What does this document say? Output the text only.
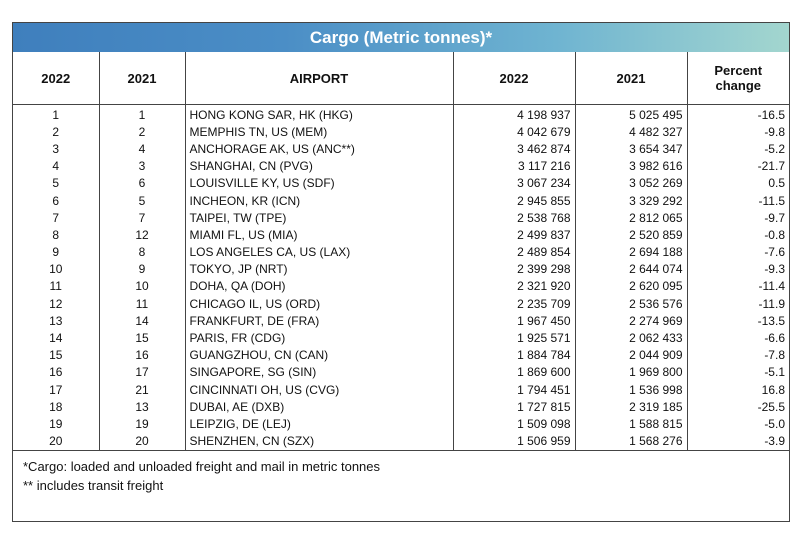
Cargo (Metric tonnes)*
2022	2021	AIRPORT	2022	2021	Percent change
1	1	HONG KONG SAR, HK (HKG)	4 198 937	5 025 495	-16.5
2	2	MEMPHIS TN, US (MEM)	4 042 679	4 482 327	-9.8
3	4	ANCHORAGE AK, US (ANC**)	3 462 874	3 654 347	-5.2
4	3	SHANGHAI, CN (PVG)	3 117 216	3 982 616	-21.7
5	6	LOUISVILLE KY, US (SDF)	3 067 234	3 052 269	0.5
6	5	INCHEON, KR (ICN)	2 945 855	3 329 292	-11.5
7	7	TAIPEI, TW (TPE)	2 538 768	2 812 065	-9.7
8	12	MIAMI FL, US (MIA)	2 499 837	2 520 859	-0.8
9	8	LOS ANGELES CA, US (LAX)	2 489 854	2 694 188	-7.6
10	9	TOKYO, JP (NRT)	2 399 298	2 644 074	-9.3
11	10	DOHA, QA (DOH)	2 321 920	2 620 095	-11.4
12	11	CHICAGO IL, US (ORD)	2 235 709	2 536 576	-11.9
13	14	FRANKFURT, DE (FRA)	1 967 450	2 274 969	-13.5
14	15	PARIS, FR (CDG)	1 925 571	2 062 433	-6.6
15	16	GUANGZHOU, CN (CAN)	1 884 784	2 044 909	-7.8
16	17	SINGAPORE, SG (SIN)	1 869 600	1 969 800	-5.1
17	21	CINCINNATI OH, US (CVG)	1 794 451	1 536 998	16.8
18	13	DUBAI, AE (DXB)	1 727 815	2 319 185	-25.5
19	19	LEIPZIG, DE (LEJ)	1 509 098	1 588 815	-5.0
20	20	SHENZHEN, CN (SZX)	1 506 959	1 568 276	-3.9
*Cargo: loaded and unloaded freight and mail in metric tonnes
** includes transit freight
